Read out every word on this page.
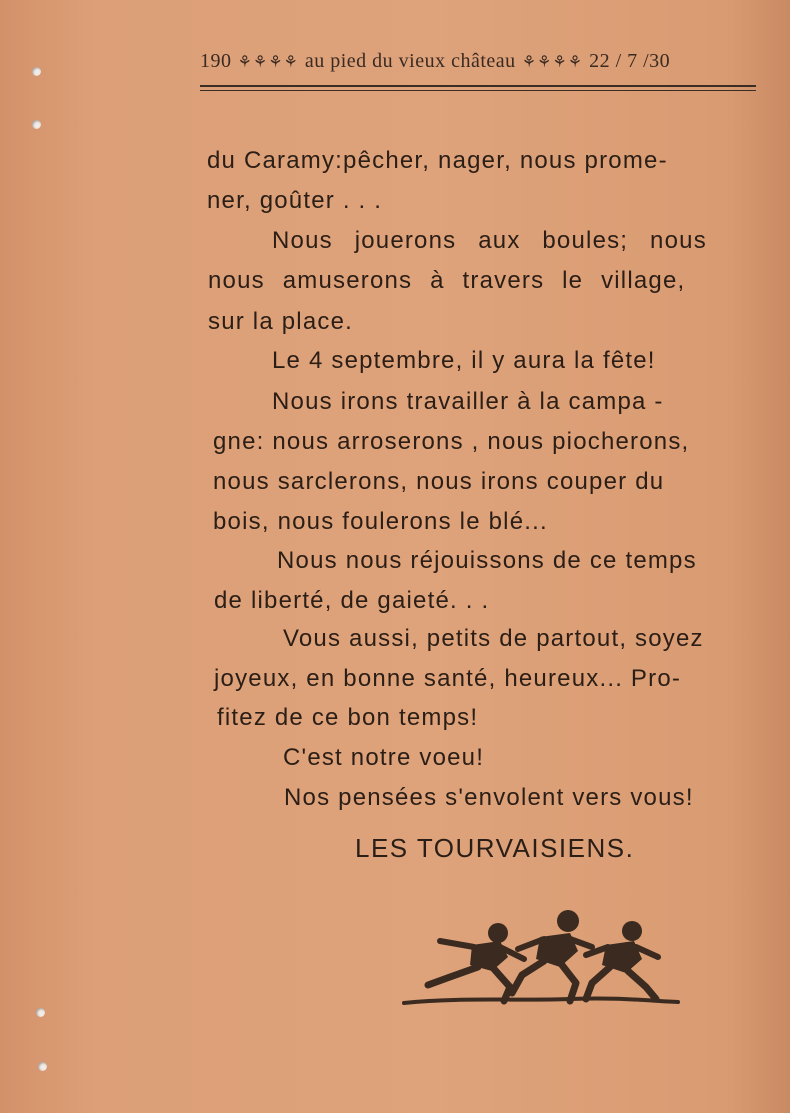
190 ⚘⚘⚘⚘ au pied du vieux château ⚘⚘⚘⚘ 22 / 7 /30
du Caramy:pêcher, nager, nous prome-
ner, goûter . . .
Nous jouerons aux boules; nous
nous amuserons à travers le village,
sur la place.
Le 4 septembre, il y aura la fête!
Nous irons travailler à la campa -
gne: nous arroserons , nous piocherons,
nous sarclerons, nous irons couper du
bois, nous foulerons le blé...
Nous nous réjouissons de ce temps
de liberté, de gaieté. . .
Vous aussi, petits de partout, soyez
joyeux, en bonne santé, heureux... Pro-
fitez de ce bon temps!
C'est notre voeu!
Nos pensées s'envolent vers vous!
LES TOURVAISIENS.
